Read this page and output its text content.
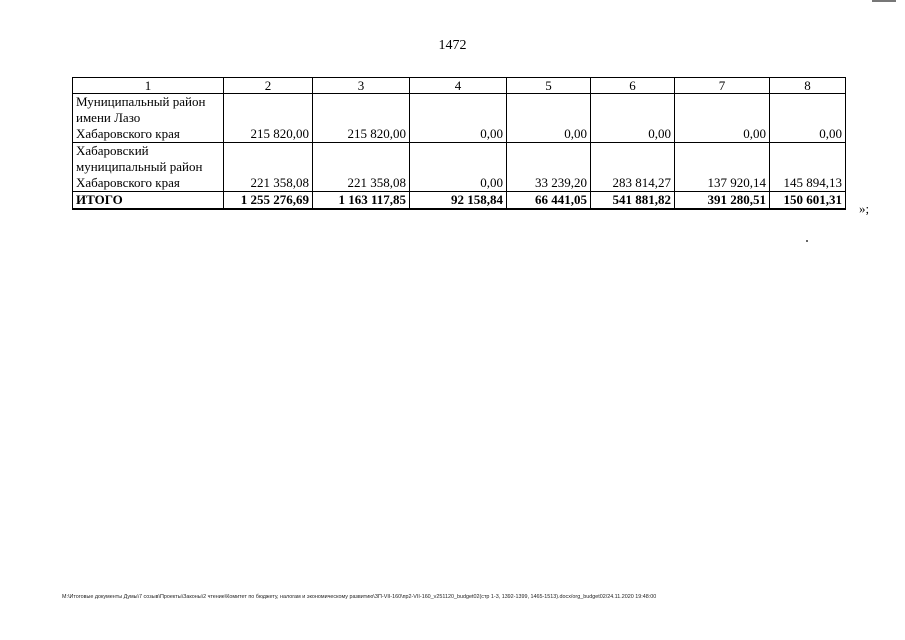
1472
1	2	3	4	5	6	7	8

Муниципальный район
имени Лазо
Хабаровского края	215 820,00	215 820,00	0,00	0,00	0,00	0,00	0,00

Хабаровский
муниципальный район
Хабаровского края	221 358,08	221 358,08	0,00	33 239,20	283 814,27	137 920,14	145 894,13
ИТОГО	1 255 276,69	1 163 117,85	92 158,84	66 441,05	541 881,82	391 280,51	150 601,31
»;
M:\Итоговые документы Думы\7 созыв\Проекты\Законы\2 чтение\Комитет по бюджету, налогам и экономическому развитию\ЗП-VII-160\пр2-VII-160_v251120_budget02(стр 1-3, 1392-1399, 1465-1513).docx/org_budget02/24.11.2020 19:48:00
